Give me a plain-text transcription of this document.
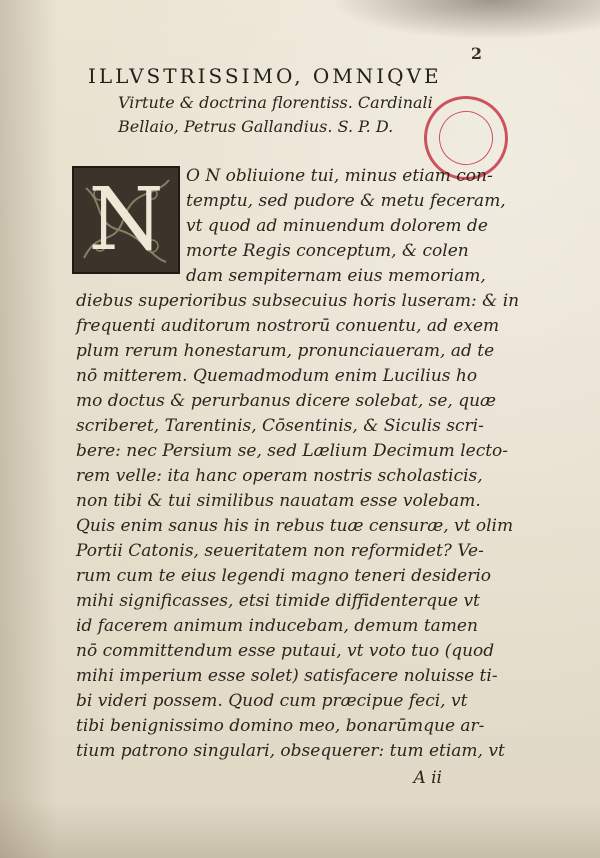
2
ILLVSTRISSIMO, OMNIQVE
Virtute & doctrina florentiss. Cardinali
Bellaio, Petrus Gallandius. S. P. D.
N	O N obliuione tui, minus etiam con-
temptu, sed pudore & metu feceram,
vt quod ad minuendum dolorem de
morte Regis conceptum, & colen
dam sempiternam eius memoriam,
diebus superioribus subsecuius horis luseram: & in
frequenti auditorum nostrorū conuentu, ad exem
plum rerum honestarum, pronunciaueram, ad te
nō mitterem. Quemadmodum enim Lucilius ho
mo doctus & perurbanus dicere solebat, se, quæ
scriberet, Tarentinis, Cōsentinis, & Siculis scri-
bere: nec Persium se, sed Lælium Decimum lecto-
rem velle: ita hanc operam nostris scholasticis,
non tibi & tui similibus nauatam esse volebam.
Quis enim sanus his in rebus tuæ censuræ, vt olim
Portii Catonis, seueritatem non reformidet? Ve-
rum cum te eius legendi magno teneri desiderio
mihi significasses, etsi timide diffidenterque vt
id facerem animum inducebam, demum tamen
nō committendum esse putaui, vt voto tuo (quod
mihi imperium esse solet) satisfacere noluisse ti-
bi videri possem. Quod cum præcipue feci, vt
tibi benignissimo domino meo, bonarūmque ar-
tium patrono singulari, obsequerer: tum etiam, vt
A ii
